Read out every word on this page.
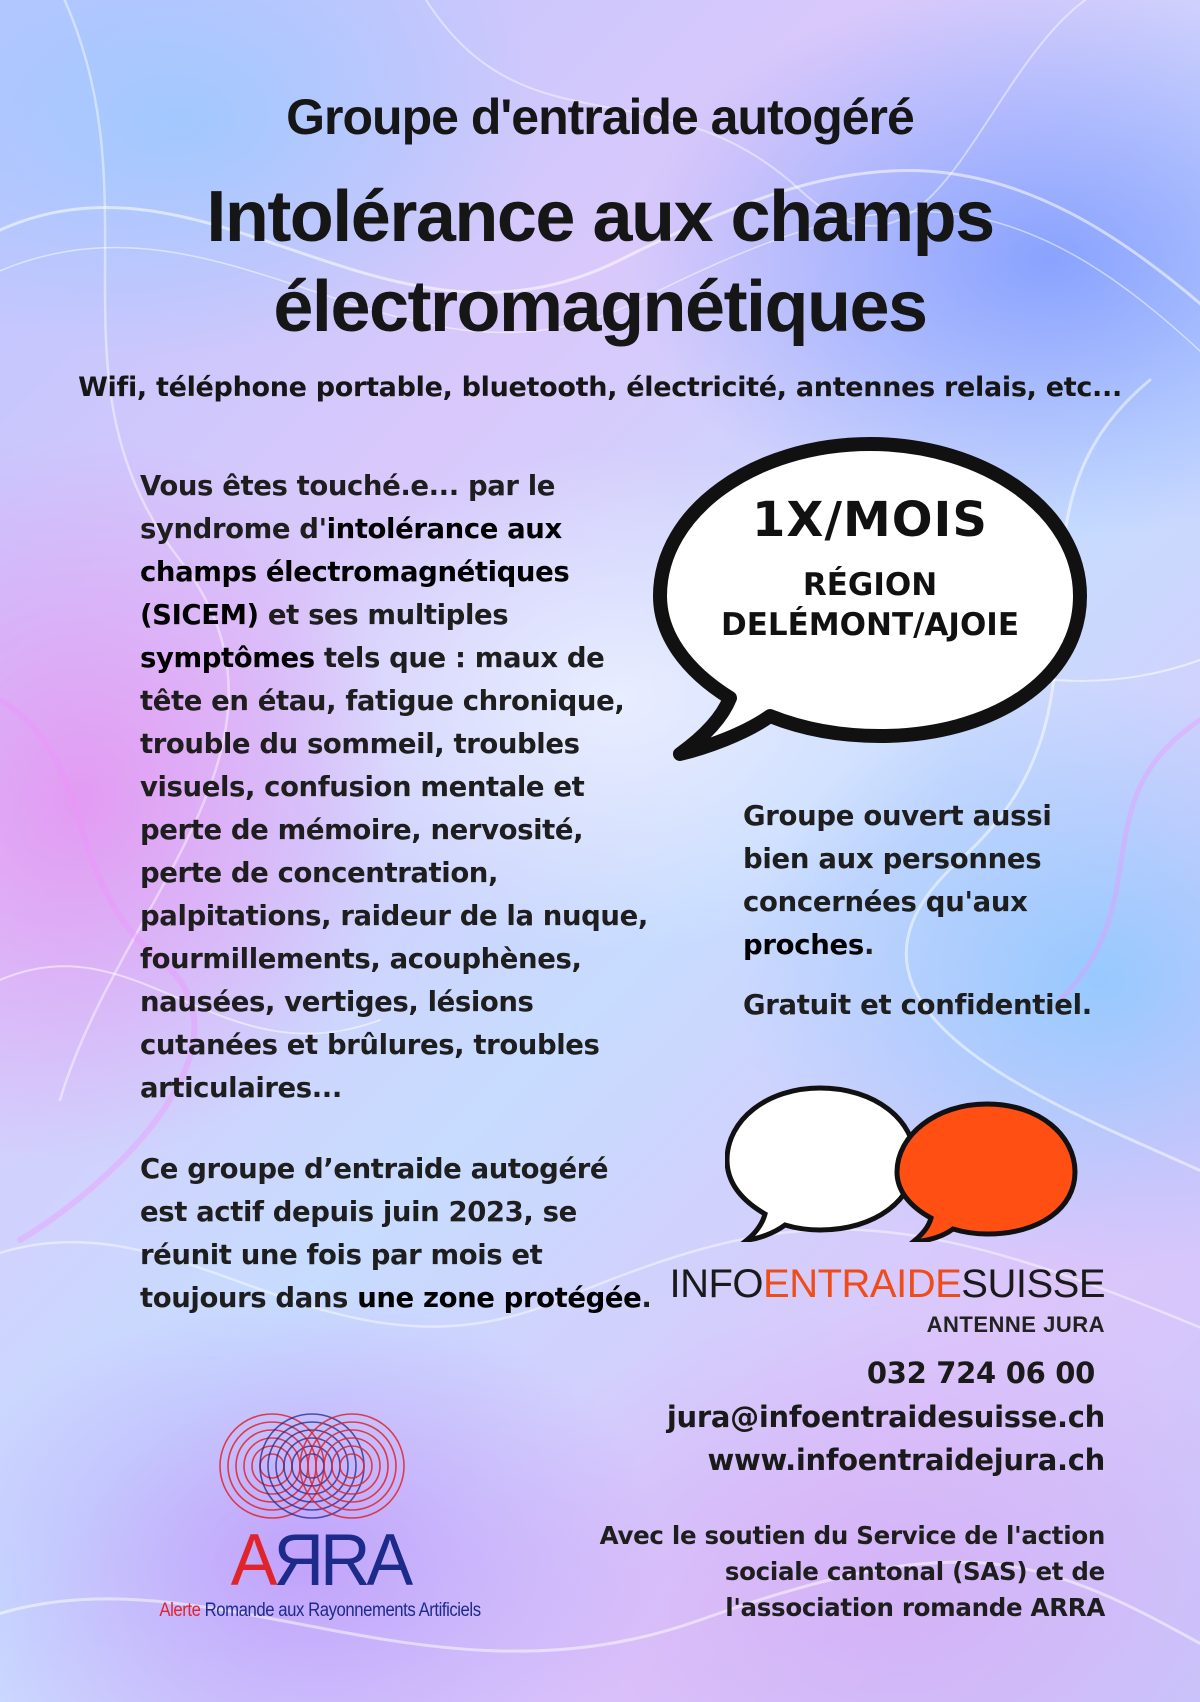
Groupe d'entraide autogéré
Intolérance aux champs
électromagnétiques
Wifi, téléphone portable, bluetooth, électricité, antennes relais, etc...
Vous êtes touché.e... par le syndrome d'intolérance aux champs électromagnétiques (SICEM) et ses multiples symptômes tels que : maux de tête en étau, fatigue chronique, trouble du sommeil, troubles visuels, confusion mentale et perte de mémoire, nervosité, perte de concentration, palpitations, raideur de la nuque, fourmillements, acouphènes, nausées, vertiges, lésions cutanées et brûlures, troubles articulaires...
Ce groupe d’entraide autogéré est actif depuis juin 2023, se réunit une fois par mois et toujours dans une zone protégée.
1X/MOIS
RÉGION
DELÉMONT/AJOIE
Groupe ouvert aussi bien aux personnes concernées qu'aux proches.
Gratuit et confidentiel.
INFOENTRAIDESUISSE
ANTENNE JURA
032 724 06 00
jura@infoentraidesuisse.ch
www.infoentraidejura.ch
Avec le soutien du Service de l'action
sociale cantonal (SAS) et de
l'association romande ARRA
AЯRA
Alerte Romande aux Rayonnements Artificiels
